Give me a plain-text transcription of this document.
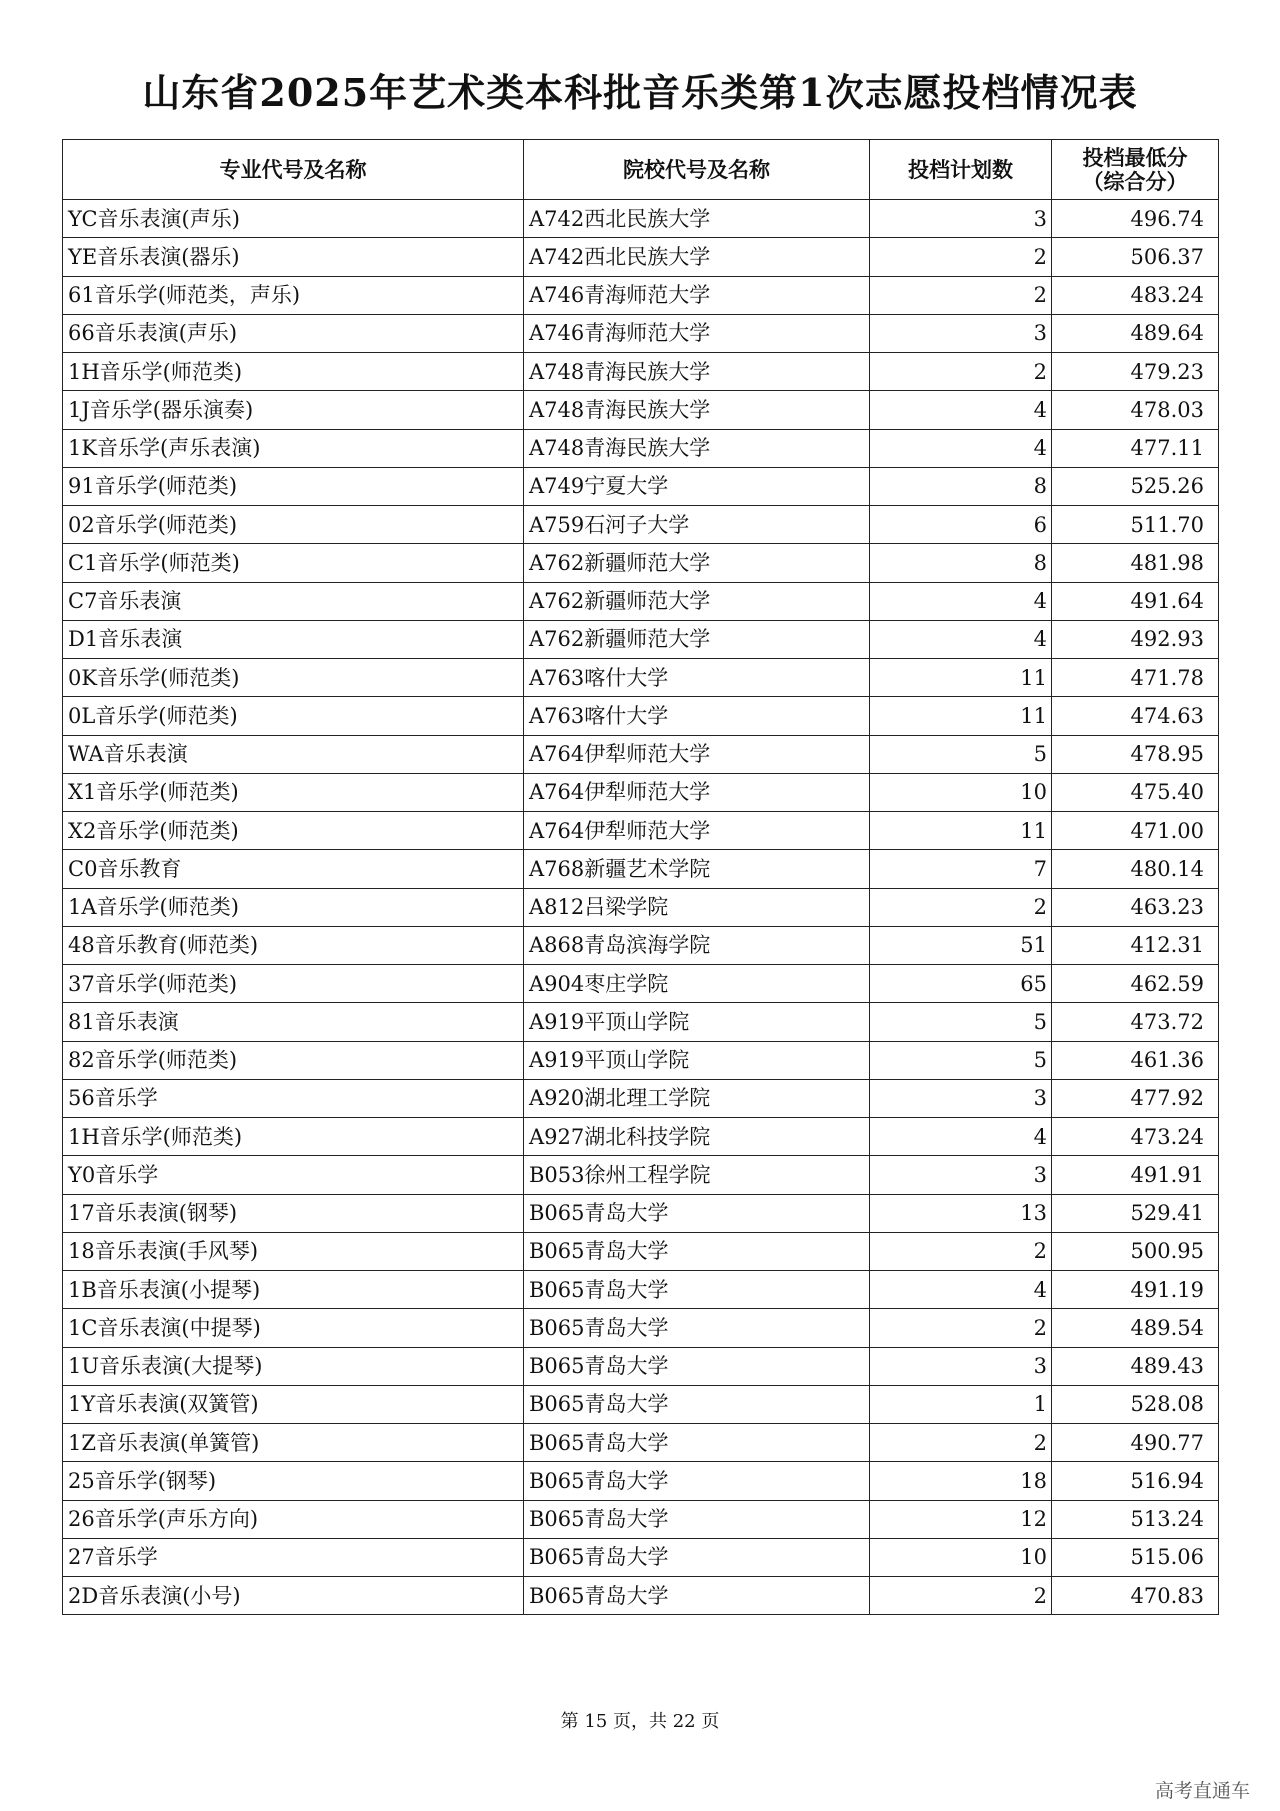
山东省2025年艺术类本科批音乐类第1次志愿投档情况表
专业代号及名称	院校代号及名称	投档计划数	投档最低分
（综合分）

YC音乐表演(声乐)	A742西北民族大学	3	496.74
YE音乐表演(器乐)	A742西北民族大学	2	506.37
61音乐学(师范类，声乐)	A746青海师范大学	2	483.24
66音乐表演(声乐)	A746青海师范大学	3	489.64
1H音乐学(师范类)	A748青海民族大学	2	479.23
1J音乐学(器乐演奏)	A748青海民族大学	4	478.03
1K音乐学(声乐表演)	A748青海民族大学	4	477.11
91音乐学(师范类)	A749宁夏大学	8	525.26
02音乐学(师范类)	A759石河子大学	6	511.70
C1音乐学(师范类)	A762新疆师范大学	8	481.98
C7音乐表演	A762新疆师范大学	4	491.64
D1音乐表演	A762新疆师范大学	4	492.93
0K音乐学(师范类)	A763喀什大学	11	471.78
0L音乐学(师范类)	A763喀什大学	11	474.63
WA音乐表演	A764伊犁师范大学	5	478.95
X1音乐学(师范类)	A764伊犁师范大学	10	475.40
X2音乐学(师范类)	A764伊犁师范大学	11	471.00
C0音乐教育	A768新疆艺术学院	7	480.14
1A音乐学(师范类)	A812吕梁学院	2	463.23
48音乐教育(师范类)	A868青岛滨海学院	51	412.31
37音乐学(师范类)	A904枣庄学院	65	462.59
81音乐表演	A919平顶山学院	5	473.72
82音乐学(师范类)	A919平顶山学院	5	461.36
56音乐学	A920湖北理工学院	3	477.92
1H音乐学(师范类)	A927湖北科技学院	4	473.24
Y0音乐学	B053徐州工程学院	3	491.91
17音乐表演(钢琴)	B065青岛大学	13	529.41
18音乐表演(手风琴)	B065青岛大学	2	500.95
1B音乐表演(小提琴)	B065青岛大学	4	491.19
1C音乐表演(中提琴)	B065青岛大学	2	489.54
1U音乐表演(大提琴)	B065青岛大学	3	489.43
1Y音乐表演(双簧管)	B065青岛大学	1	528.08
1Z音乐表演(单簧管)	B065青岛大学	2	490.77
25音乐学(钢琴)	B065青岛大学	18	516.94
26音乐学(声乐方向)	B065青岛大学	12	513.24
27音乐学	B065青岛大学	10	515.06
2D音乐表演(小号)	B065青岛大学	2	470.83
第 15 页，共 22 页
高考直通车
